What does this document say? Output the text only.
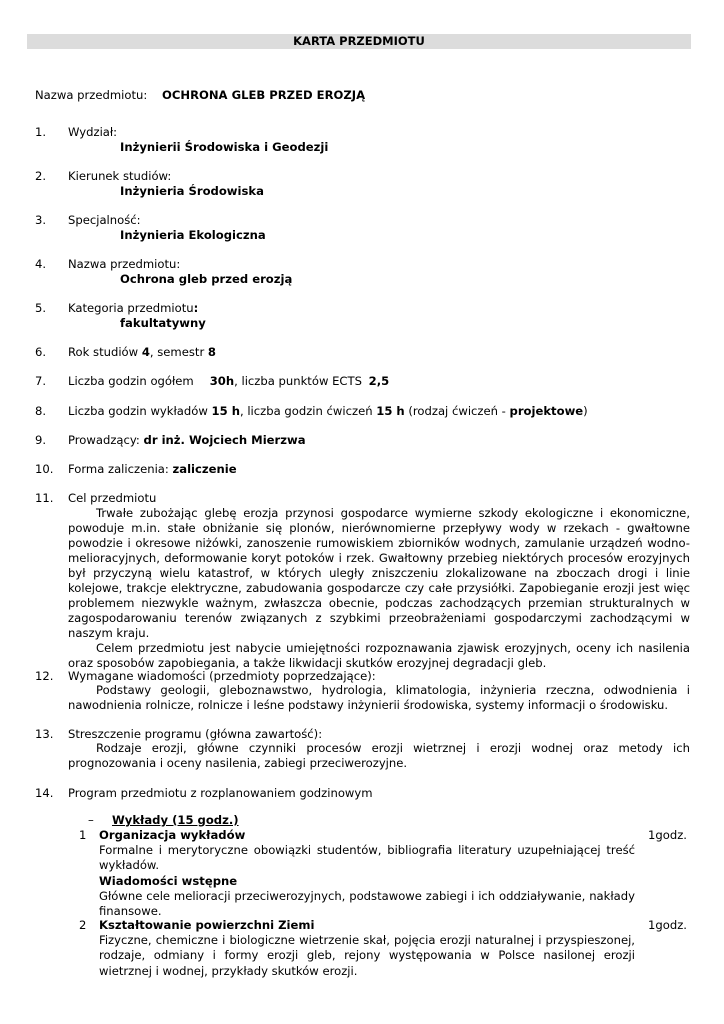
KARTA PRZEDMIOTU
Nazwa przedmiotu: OCHRONA GLEB PRZED EROZJĄ
1. Wydział:
Inżynierii Środowiska i Geodezji
2. Kierunek studiów:
Inżynieria Środowiska
3. Specjalność:
Inżynieria Ekologiczna
4. Nazwa przedmiotu:
Ochrona gleb przed erozją
5. Kategoria przedmiotu:
fakultatywny
6. Rok studiów 4, semestr 8
7. Liczba godzin ogółem 30h, liczba punktów ECTS 2,5
8. Liczba godzin wykładów 15 h, liczba godzin ćwiczeń 15 h (rodzaj ćwiczeń - projektowe)
9. Prowadzący: dr inż. Wojciech Mierzwa
10. Forma zaliczenia: zaliczenie
11. Cel przedmiotu

Trwałe zubożając glebę erozja przynosi gospodarce wymierne szkody ekologiczne i ekonomiczne, powoduje m.in. stałe obniżanie się plonów, nierównomierne przepływy wody w rzekach - gwałtowne powodzie i okresowe niżówki, zanoszenie rumowiskiem zbiorników wodnych, zamulanie urządzeń wodno-melioracyjnych, deformowanie koryt potoków i rzek. Gwałtowny przebieg niektórych procesów erozyjnych był przyczyną wielu katastrof, w których uległy zniszczeniu zlokalizowane na zboczach drogi i linie kolejowe, trakcje elektryczne, zabudowania gospodarcze czy całe przysiółki. Zapobieganie erozji jest więc problemem niezwykle ważnym, zwłaszcza obecnie, podczas zachodzących przemian strukturalnych w zagospodarowaniu terenów związanych z szybkimi przeobrażeniami gospodarczymi zachodzącymi w naszym kraju.

Celem przedmiotu jest nabycie umiejętności rozpoznawania zjawisk erozyjnych, oceny ich nasilenia oraz sposobów zapobiegania, a także likwidacji skutków erozyjnej degradacji gleb.

12. Wymagane wiadomości (przedmioty poprzedzające):

Podstawy geologii, gleboznawstwo, hydrologia, klimatologia, inżynieria rzeczna, odwodnienia i nawodnienia rolnicze, rolnicze i leśne podstawy inżynierii środowiska, systemy informacji o środowisku.

13. Streszczenie programu (główna zawartość):

Rodzaje erozji, główne czynniki procesów erozji wietrznej i erozji wodnej oraz metody ich prognozowania i oceny nasilenia, zabiegi przeciwerozyjne.

14. Program przedmiotu z rozplanowaniem godzinowym
– Wykłady (15 godz.)
1 Organizacja wykładów
Formalne i merytoryczne obowiązki studentów, bibliografia literatury uzupełniającej treść wykładów.
Wiadomości wstępne
Główne cele melioracji przeciwerozyjnych, podstawowe zabiegi i ich oddziaływanie, nakłady finansowe.
1godz.
2 Kształtowanie powierzchni Ziemi
Fizyczne, chemiczne i biologiczne wietrzenie skał, pojęcia erozji naturalnej i przyspieszonej, rodzaje, odmiany i formy erozji gleb, rejony występowania w Polsce nasilonej erozji wietrznej i wodnej, przykłady skutków erozji.
1godz.
